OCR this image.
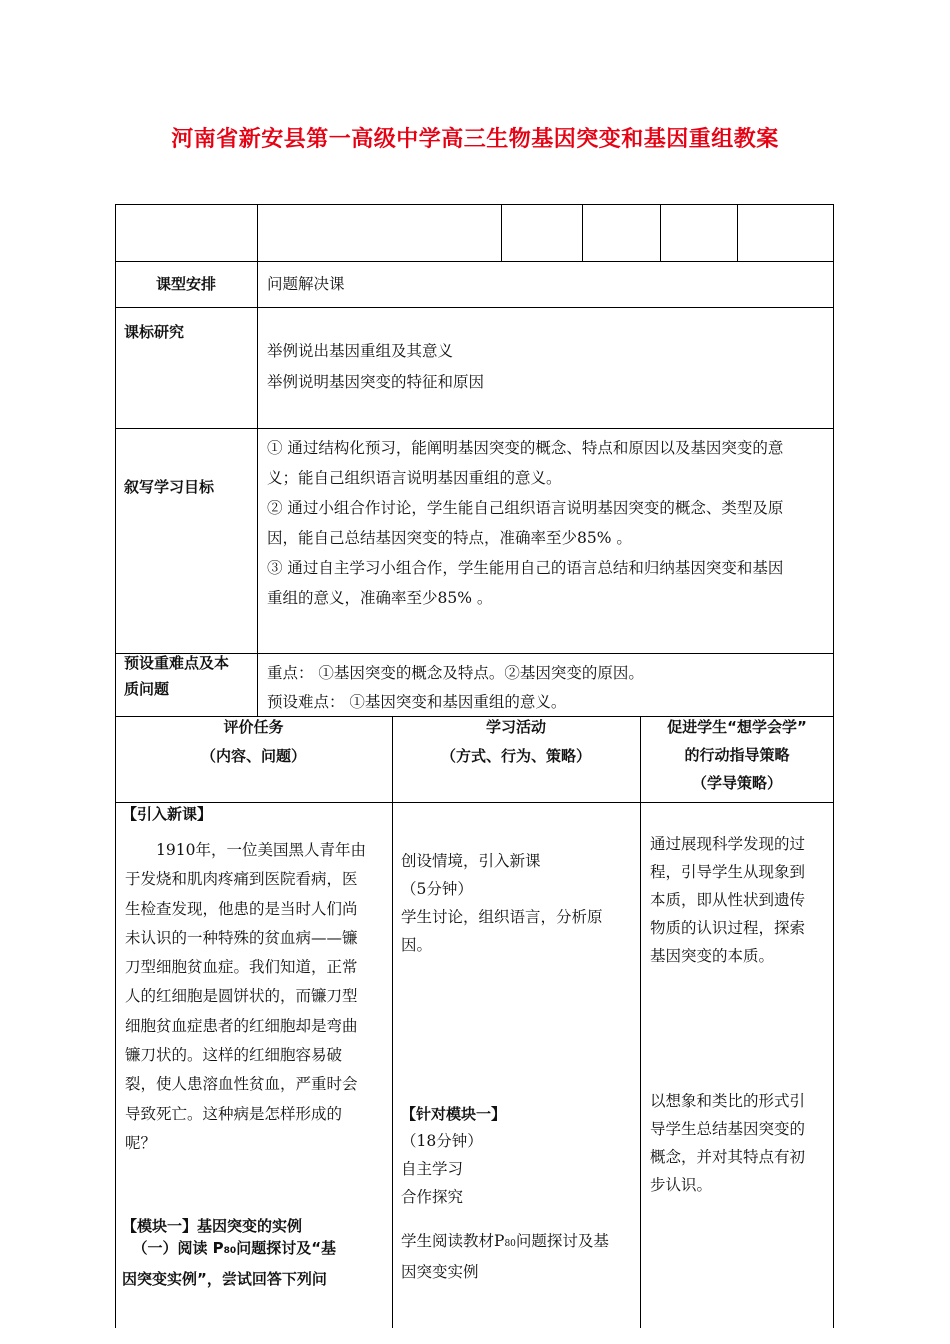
河南省新安县第一高级中学高三生物基因突变和基因重组教案
课型安排	问题解决课
课标研究

举例说出基因重组及其意义

举例说明基因突变的特征和原因

叙写学习目标

① 通过结构化预习，能阐明基因突变的概念、特点和原因以及基因突变的意

义；能自己组织语言说明基因重组的意义。

② 通过小组合作讨论，学生能自己组织语言说明基因突变的概念、类型及原

因，能自己总结基因突变的特点，准确率至少85% 。

③ 通过自主学习小组合作，学生能用自己的语言总结和归纳基因突变和基因

重组的意义，准确率至少85% 。

预设重难点及本

质问题

重点： ①基因突变的概念及特点。②基因突变的原因。

预设难点： ①基因突变和基因重组的意义。

评价任务

（内容、问题）

学习活动

（方式、行为、策略）

促进学生“想学会学”

的行动指导策略

（学导策略）

【引入新课】

1910年，一位美国黑人青年由

于发烧和肌肉疼痛到医院看病，医

生检查发现，他患的是当时人们尚

未认识的一种特殊的贫血病——镰

刀型细胞贫血症。我们知道，正常

人的红细胞是圆饼状的，而镰刀型

细胞贫血症患者的红细胞却是弯曲

镰刀状的。这样的红细胞容易破

裂，使人患溶血性贫血，严重时会

导致死亡。这种病是怎样形成的

呢？

【模块一】基因突变的实例

（一）阅读 P80问题探讨及“基

因突变实例”，尝试回答下列问

创设情境，引入新课

（5分钟）

学生讨论，组织语言，分析原

因。

【针对模块一】

（18分钟）

自主学习

合作探究

学生阅读教材P80问题探讨及基

因突变实例

通过展现科学发现的过

程，引导学生从现象到

本质，即从性状到遗传

物质的认识过程，探索

基因突变的本质。

以想象和类比的形式引

导学生总结基因突变的

概念，并对其特点有初

步认识。
